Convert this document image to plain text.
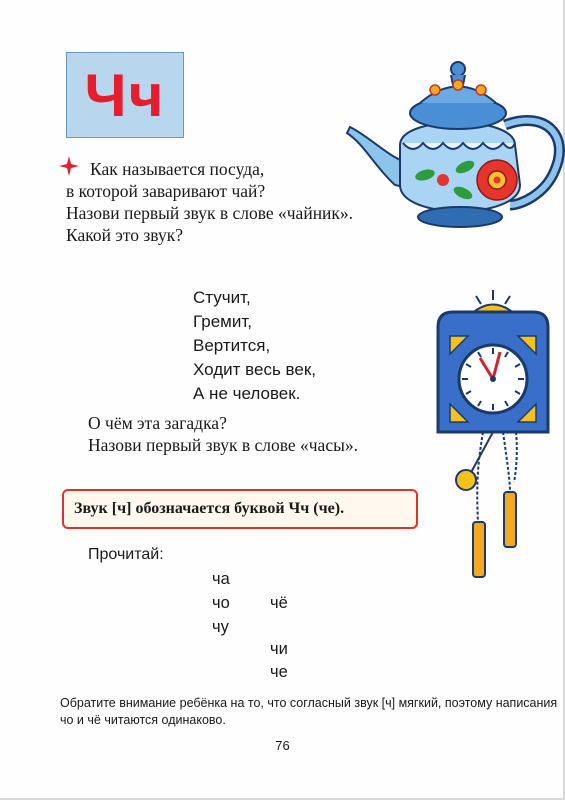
Чч
Как называется посуда,
в которой заваривают чай?
Назови первый звук в слове «чайник».
Какой это звук?
Стучит,
Гремит,
Вертится,
Ходит весь век,
А не человек.
О чём эта загадка?
Назови первый звук в слове «часы».
Звук [ч] обозначается буквой Чч (че).
Прочитай:
ча
чо чё
чу
чи
че
Обратите внимание ребёнка на то, что согласный звук [ч] мягкий, поэтому написания чо и чё читаются одинаково.
76
